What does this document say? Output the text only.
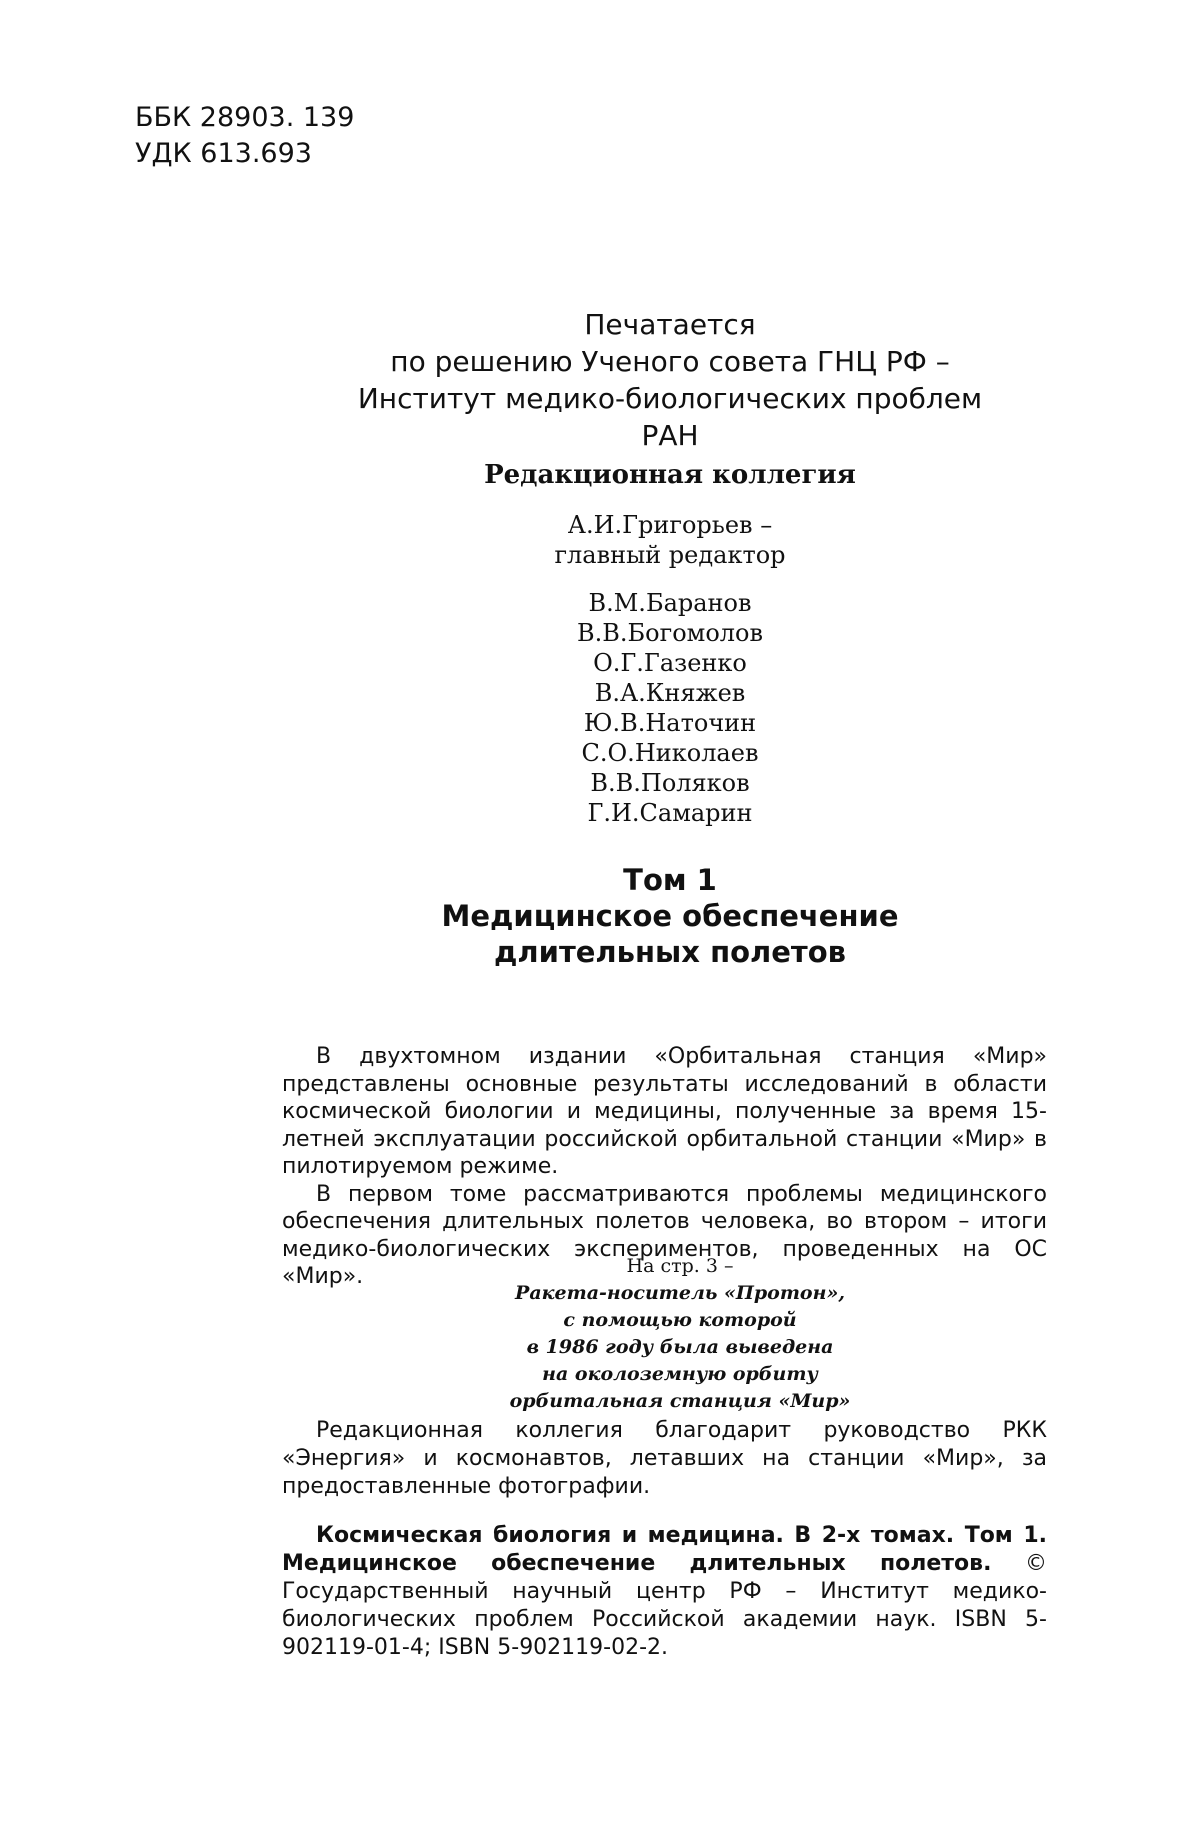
ББК 28903. 139
УДК 613.693
Печатается
по решению Ученого совета ГНЦ РФ –
Институт медико-биологических проблем РАН
Редакционная коллегия
А.И.Григорьев –
главный редактор
В.М.Баранов
В.В.Богомолов
О.Г.Газенко
В.А.Княжев
Ю.В.Наточин
С.О.Николаев
В.В.Поляков
Г.И.Самарин
Том 1
Медицинское обеспечение
длительных полетов

В двухтомном издании «Орбитальная станция «Мир» представлены основные результаты исследований в области космической биологии и медицины, полученные за время 15-летней эксплуатации российской орбитальной станции «Мир» в пилотируемом режиме.

В первом томе рассматриваются проблемы медицинского обеспечения длительных полетов человека, во втором – итоги медико-биологических экспериментов, проведенных на ОС «Мир».	На стр. 3 –
Ракета-носитель «Протон»,
с помощью которой
в 1986 году была выведена
на околоземную орбиту
орбитальная станция «Мир»

Редакционная коллегия благодарит руководство РКК «Энергия» и космонавтов, летавших на станции «Мир», за предоставленные фотографии.

Космическая биология и медицина. В 2-х томах. Том 1. Медицинское обеспечение длительных полетов. © Государственный научный центр РФ – Институт медико-биологических проблем Российской академии наук. ISBN 5-902119-01-4; ISBN 5-902119-02-2.
